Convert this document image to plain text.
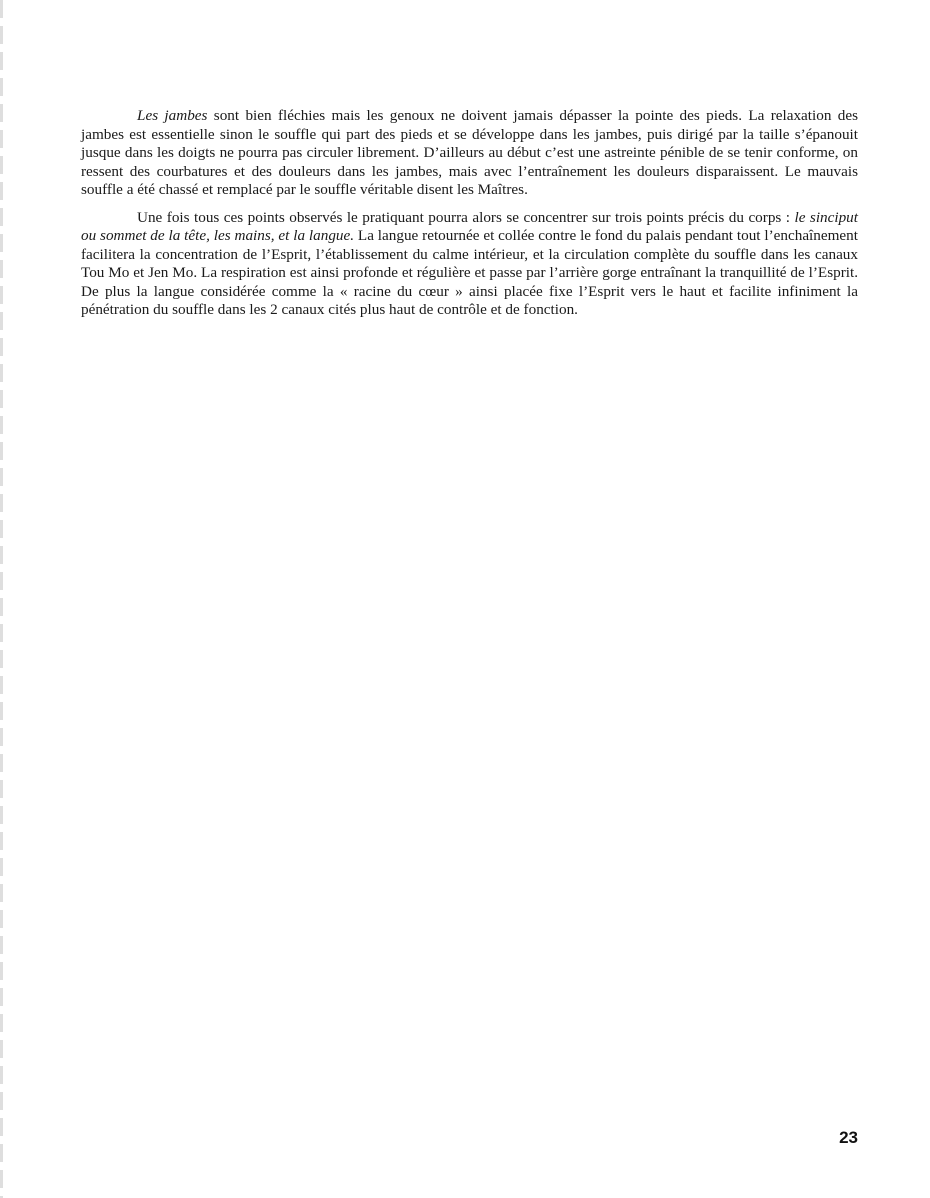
Les jambes sont bien fléchies mais les genoux ne doivent jamais dépasser la pointe des pieds. La relaxation des jambes est essentielle sinon le souffle qui part des pieds et se développe dans les jambes, puis dirigé par la taille s’épanouit jusque dans les doigts ne pourra pas circuler librement. D’ailleurs au début c’est une astreinte pénible de se tenir conforme, on ressent des courbatures et des douleurs dans les jambes, mais avec l’entraînement les douleurs disparaissent. Le mauvais souffle a été chassé et remplacé par le souffle véritable disent les Maîtres.

Une fois tous ces points observés le pratiquant pourra alors se concentrer sur trois points précis du corps : le sinciput ou sommet de la tête, les mains, et la langue. La langue retournée et collée contre le fond du palais pendant tout l’enchaînement facilitera la concentration de l’Esprit, l’établissement du calme intérieur, et la circulation complète du souffle dans les canaux Tou Mo et Jen Mo. La respiration est ainsi profonde et régulière et passe par l’arrière gorge entraînant la tranquillité de l’Esprit. De plus la langue considérée comme la « racine du cœur » ainsi placée fixe l’Esprit vers le haut et facilite infiniment la pénétration du souffle dans les 2 canaux cités plus haut de contrôle et de fonction.

23
